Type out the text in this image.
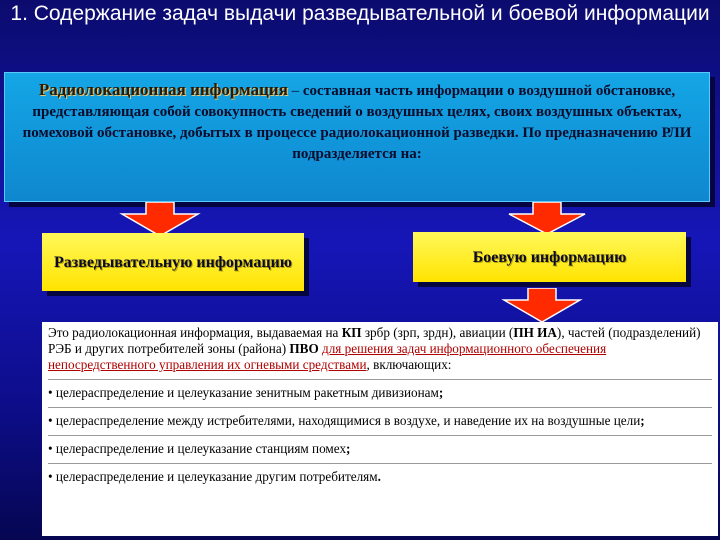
1. Содержание задач выдачи разведывательной и боевой информации
Радиолокационная информация – составная часть информации о воздушной обстановке, представляющая собой совокупность сведений о воздушных целях, своих воздушных объектах, помеховой обстановке, добытых в процессе радиолокационной разведки. По предназначению РЛИ подразделяется на:
Разведывательную информацию	Боевую информацию

Это радиолокационная информация, выдаваемая на КП зрбр (зрп, зрдн), авиации (ПН ИА), частей (подразделений) РЭБ и других потребителей зоны (района) ПВО для решения задач информационного обеспечения непосредственного управления их огневыми средствами, включающих:

• целераспределение и целеуказание зенитным ракетным дивизионам;

• целераспределение между истребителями, находящимися в воздухе, и наведение их на воздушные цели;

• целераспределение и целеуказание станциям помех;

• целераспределение и целеуказание другим потребителям.
